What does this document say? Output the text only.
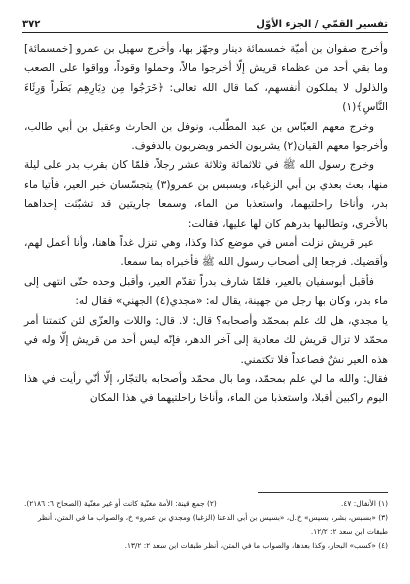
تفسير القمّي / الجزء الأوّل
٣٧٢

وأخرج صفوان بن أميّة خمسمائة دينار وجهّز بها، وأخرج سهيل بن عمرو [خمسمائة] وما بقي أحد من عظماء قريش إلّا أخرجوا مالاً، وحملوا وقوداً، وواقوا على الصعب والذلول لا يملكون أنفسهم، كما قال الله تعالى: ﴿خَرَجُوا مِن دِيَارِهِم بَطَراً وَرِئَاءَ النَّاسِ﴾(١)

وخرج معهم العبّاس بن عبد المطّلب، ونوفل بن الحارث وعقيل بن أبي طالب، وأخرجوا معهم القيان(٢) يشربون الخمر ويضربون بالدفوف.

وخرج رسول الله ﷺ في ثلاثمائة وثلاثة عشر رجلاً، فلمّا كان بقرب بدر على ليلة منها، بعث بعدي بن أبي الزغباء، وبسبس بن عمرو(٣) يتجسّسان خبر العير، فأتيا ماء بدر، وأناخا راحلتيهما، واستعذبا من الماء، وسمعا جاريتين قد تشبّثت إحداهما بالأخرى، وتطالبها بدرهم كان لها عليها، فقالت:

عير قريش نزلت أمس في موضع كذا وكذا، وهي تنزل غداً هاهنا، وأنا أعمل لهم، وأقضيك. فرجعا إلى أصحاب رسول الله ﷺ فأخبراه بما سمعا.

فأقبل أبوسفيان بالعير، فلمّا شارف بدراً تقدّم العير، وأقبل وحده حتّى انتهى إلى ماء بدر، وكان بها رجل من جهينة، يقال له: «مجدي(٤) الجهني» فقال له:

يا مجدي، هل لك علم بمحمّد وأصحابه؟ قال: لا. قال: واللات والعزّى لئن كتمتنا أمر محمّد لا تزال قريش لك معادية إلى آخر الدهر، فإنّه ليس أحد من قريش إلّا وله في هذه العير نشٌ فصاعداً فلا تكتمني.

فقال: والله ما لي علم بمحمّد، وما بال محمّد وأصحابه بالتجّار، إلّا أنّي رأيت في هذا اليوم راكبين أقبلا، واستعذبا من الماء، وأناخا راحلتيهما في هذا المكان

(١) الأنفال: ٤٧.
(٢) جمع قينة: الأمة مغنّية كانت أو غير مغنّية (الصحاح ٦: ٢١٨٦).

(٣) «بسبس، بشر، بسيس» خ.ل، «بسيس بن أبي الدعنا (الزغبا) ومجدي بن عمرو» خ، والصواب ما في المتن، أنظر طبقات ابن سعد ٢: ١٢/٢.

(٤) «كسب» البحار، وكذا بعدها، والصواب ما في المتن، أنظر طبقات ابن سعد ٢: ١٣/٢.
